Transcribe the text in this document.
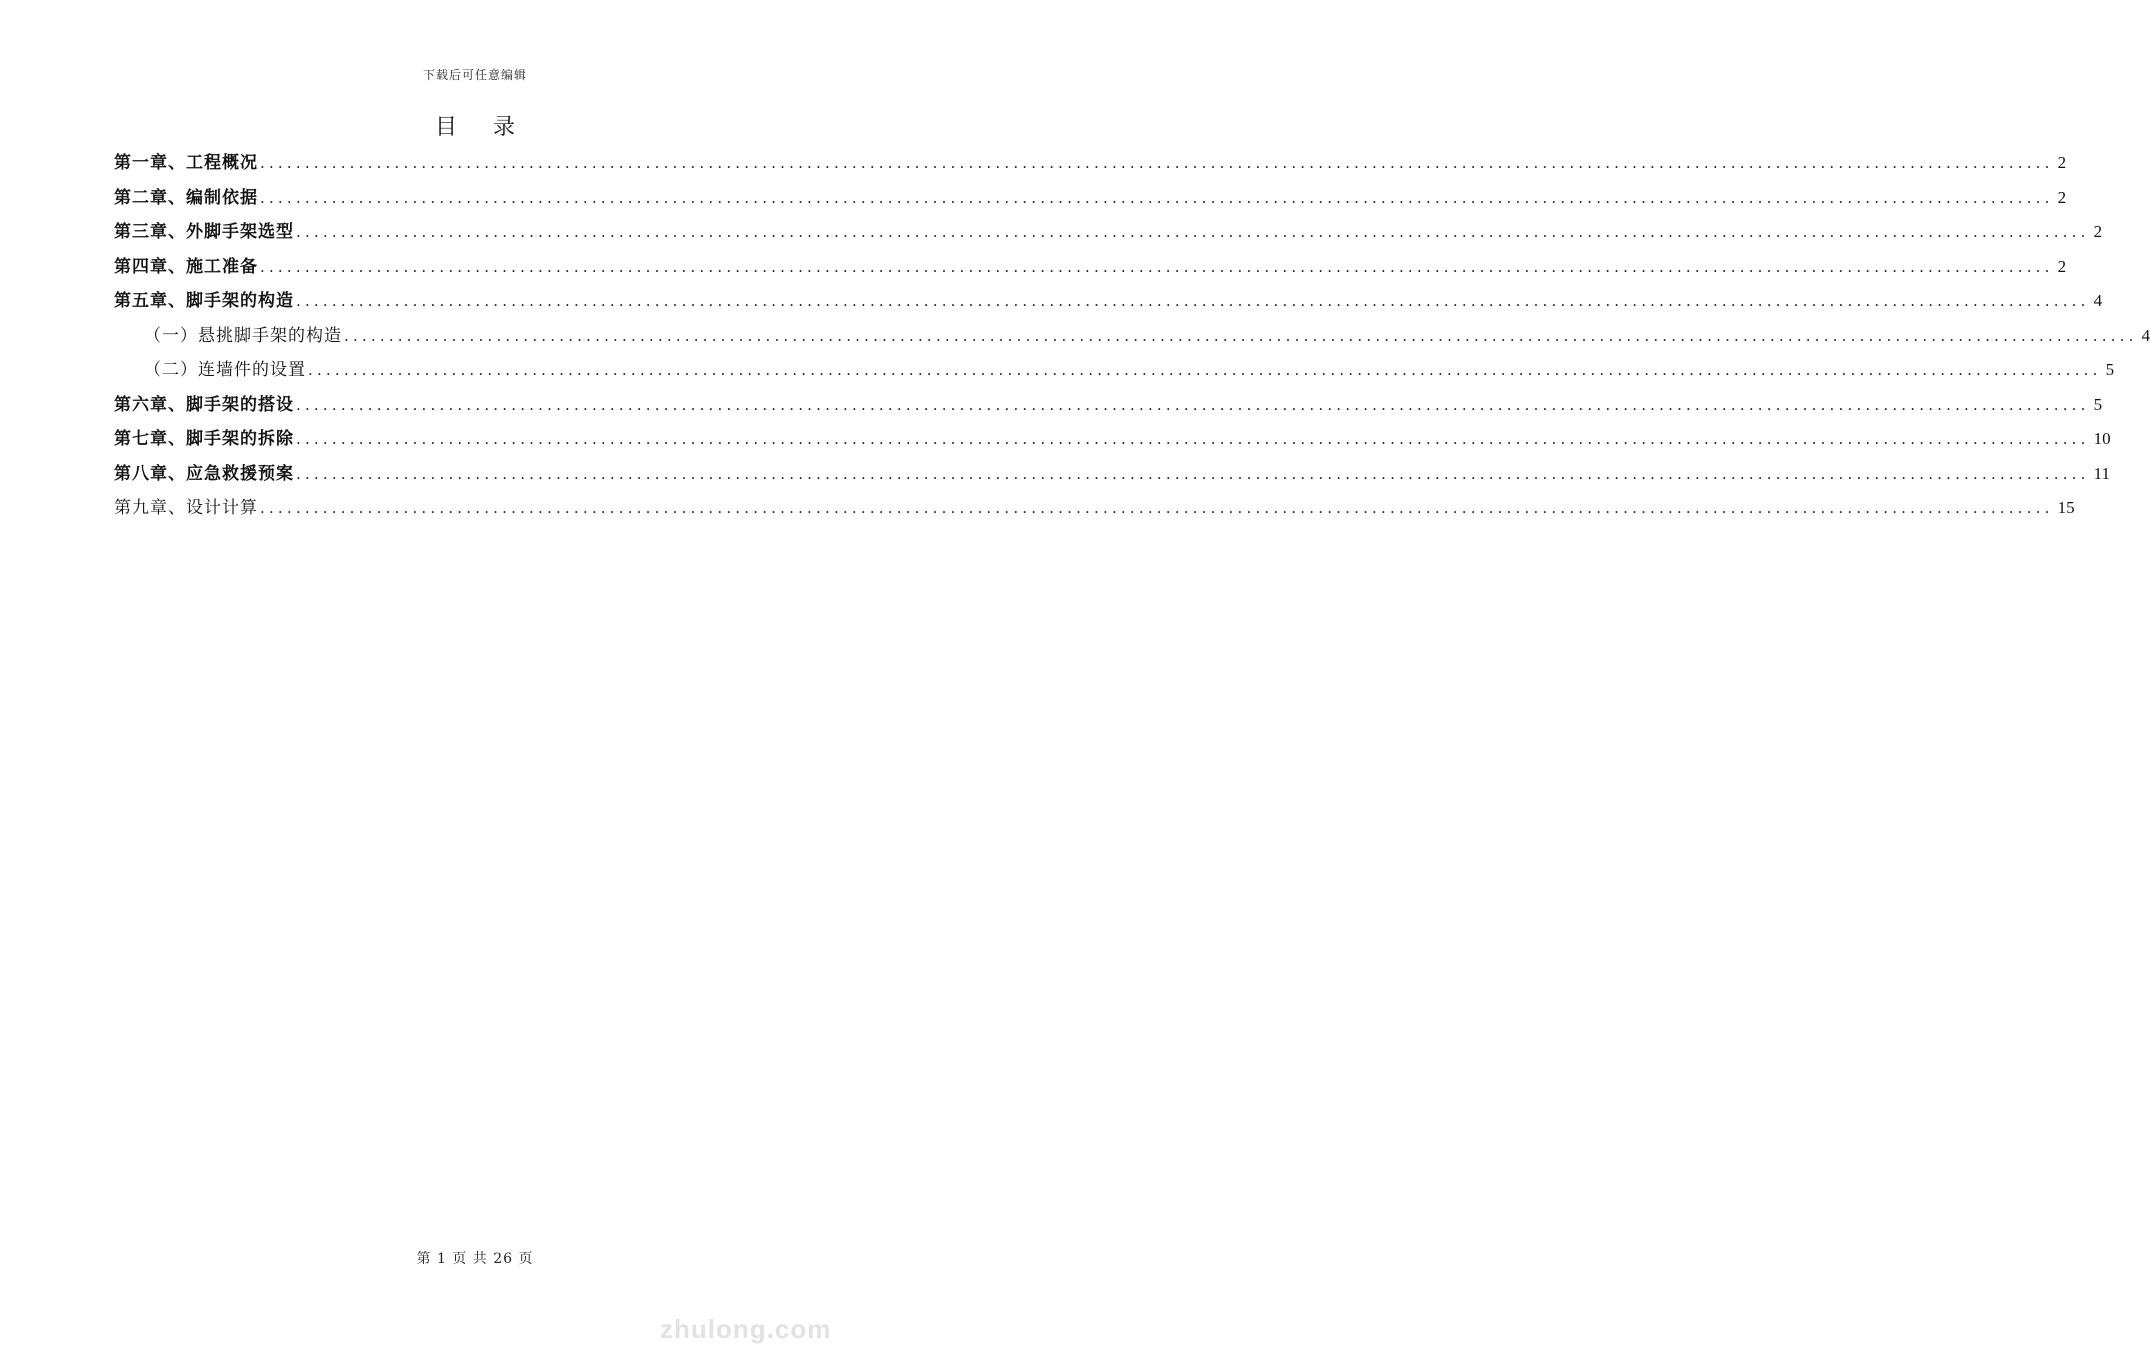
下载后可任意编辑
目 录
第一章、工程概况 ........................................................................................................................................................................................................ 2
第二章、编制依据 ........................................................................................................................................................................................................ 2
第三章、外脚手架选型 ........................................................................................................................................................................................................ 2
第四章、施工准备 ........................................................................................................................................................................................................ 2
第五章、脚手架的构造 ........................................................................................................................................................................................................ 4
（一）悬挑脚手架的构造 ........................................................................................................................................................................................................ 4
（二）连墙件的设置 ........................................................................................................................................................................................................ 5
第六章、脚手架的搭设 ........................................................................................................................................................................................................ 5
第七章、脚手架的拆除 ........................................................................................................................................................................................................ 10
第八章、应急救援预案 ........................................................................................................................................................................................................ 11
第九章、设计计算 ........................................................................................................................................................................................................ 15
第 1 页 共 26 页
zhulong.com
